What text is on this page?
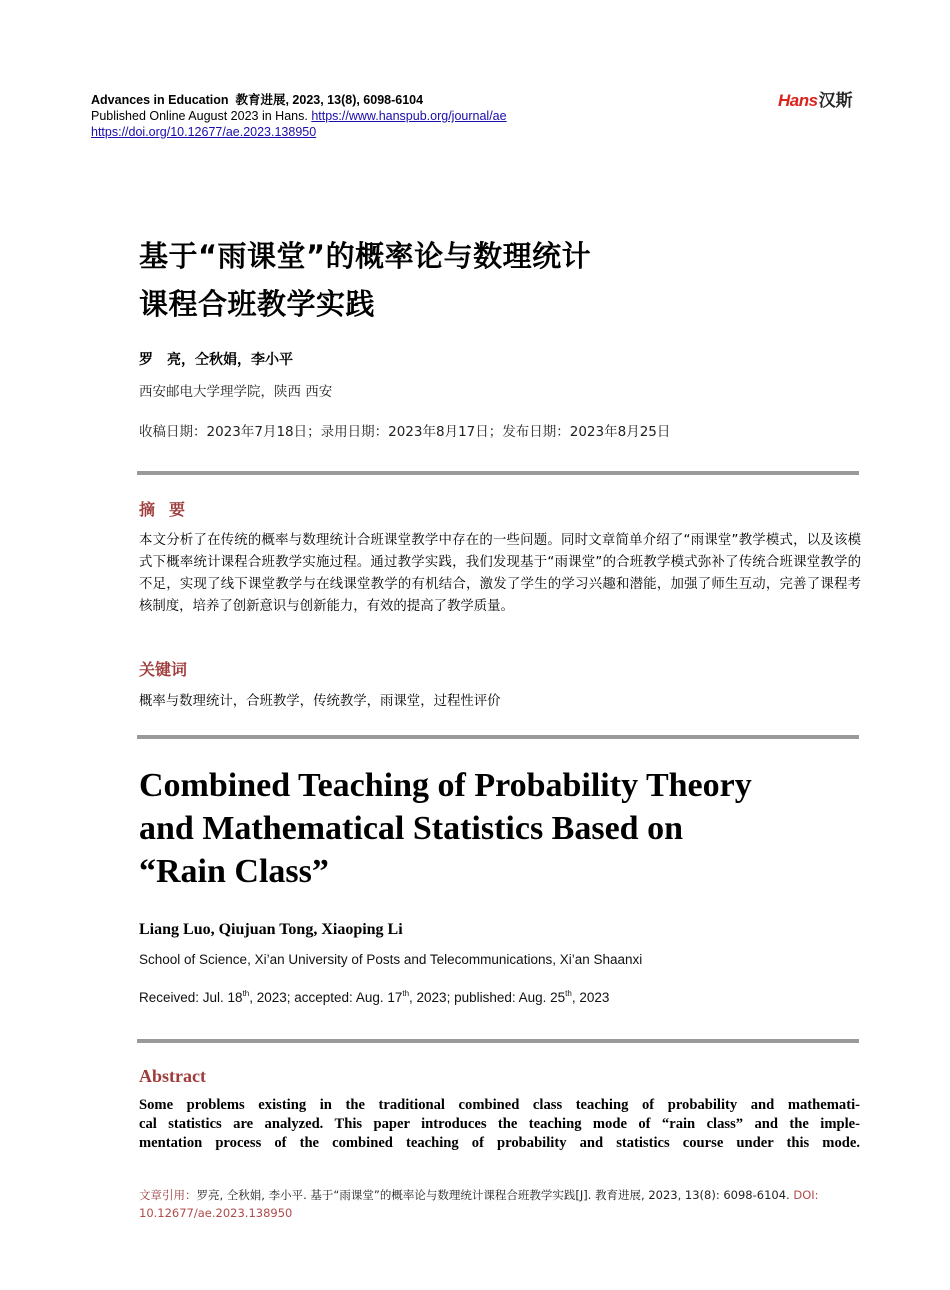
Advances in Education 教育进展, 2023, 13(8), 6098-6104
Published Online August 2023 in Hans. https://www.hanspub.org/journal/ae
https://doi.org/10.12677/ae.2023.138950
Hans汉斯
基于“雨课堂”的概率论与数理统计
课程合班教学实践
罗　亮，仝秋娟，李小平
西安邮电大学理学院，陕西 西安
收稿日期：2023年7月18日；录用日期：2023年8月17日；发布日期：2023年8月25日
摘要
本文分析了在传统的概率与数理统计合班课堂教学中存在的一些问题。同时文章简单介绍了“雨课堂”教学模式，以及该模式下概率统计课程合班教学实施过程。通过教学实践，我们发现基于“雨课堂”的合班教学模式弥补了传统合班课堂教学的不足，实现了线下课堂教学与在线课堂教学的有机结合，激发了学生的学习兴趣和潜能，加强了师生互动，完善了课程考核制度，培养了创新意识与创新能力，有效的提高了教学质量。
关键词
概率与数理统计，合班教学，传统教学，雨课堂，过程性评价
Combined Teaching of Probability Theory
and Mathematical Statistics Based on
“Rain Class”
Liang Luo, Qiujuan Tong, Xiaoping Li
School of Science, Xi’an University of Posts and Telecommunications, Xi’an Shaanxi
Received: Jul. 18th, 2023; accepted: Aug. 17th, 2023; published: Aug. 25th, 2023
Abstract
Some problems existing in the traditional combined class teaching of probability and mathemati-
cal statistics are analyzed. This paper introduces the teaching mode of “rain class” and the imple-
mentation process of the combined teaching of probability and statistics course under this mode.
文章引用：罗亮, 仝秋娟, 李小平. 基于“雨课堂”的概率论与数理统计课程合班教学实践[J]. 教育进展, 2023, 13(8): 6098-6104. DOI: 10.12677/ae.2023.138950
